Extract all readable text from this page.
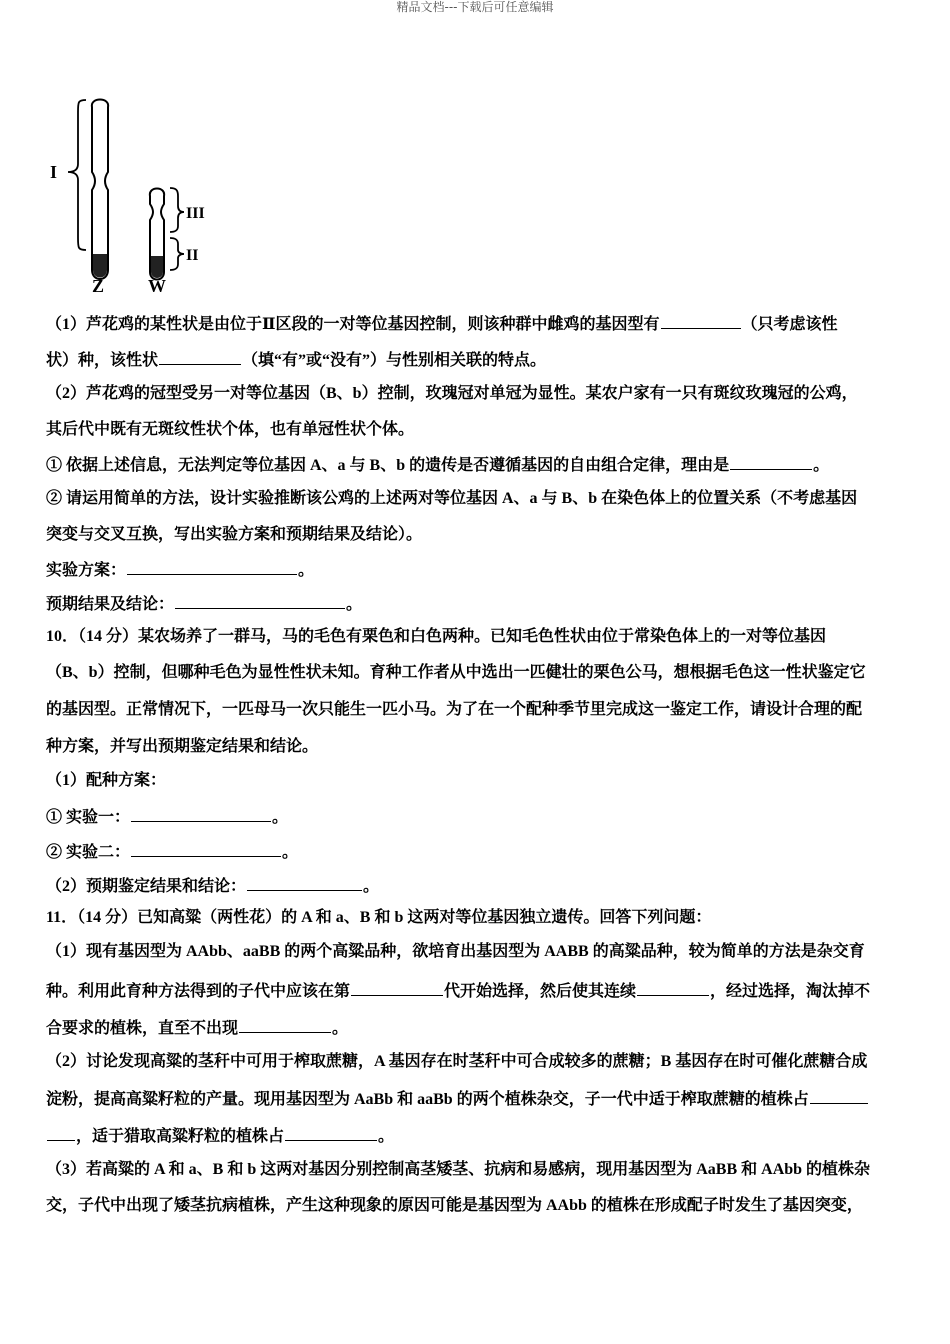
精品文档---下载后可任意编辑
I
III
II
Z W
（1）芦花鸡的某性状是由位于Ⅱ区段的一对等位基因控制，则该种群中雌鸡的基因型有	（只考虑该性
状）种，该性状	（填“有”或“没有”）与性别相关联的特点。
（2）芦花鸡的冠型受另一对等位基因（B、b）控制，玫瑰冠对单冠为显性。某农户家有一只有斑纹玫瑰冠的公鸡，
其后代中既有无斑纹性状个体，也有单冠性状个体。
① 依据上述信息，无法判定等位基因 A、a 与 B、b 的遗传是否遵循基因的自由组合定律，理由是	。
② 请运用简单的方法，设计实验推断该公鸡的上述两对等位基因 A、a 与 B、b 在染色体上的位置关系（不考虑基因
突变与交叉互换，写出实验方案和预期结果及结论）。
实验方案：	。
预期结果及结论：	。
10．（14 分）某农场养了一群马，马的毛色有栗色和白色两种。已知毛色性状由位于常染色体上的一对等位基因
（B、b）控制，但哪种毛色为显性性状未知。育种工作者从中选出一匹健壮的栗色公马，想根据毛色这一性状鉴定它
的基因型。正常情况下，一匹母马一次只能生一匹小马。为了在一个配种季节里完成这一鉴定工作，请设计合理的配
种方案，并写出预期鉴定结果和结论。
（1）配种方案：
① 实验一：	。
② 实验二：	。
（2）预期鉴定结果和结论：	。
11．（14 分）已知高粱（两性花）的 A 和 a、B 和 b 这两对等位基因独立遗传。回答下列问题：
（1）现有基因型为 AAbb、aaBB 的两个高粱品种，欲培育出基因型为 AABB 的高粱品种，较为简单的方法是杂交育
种。利用此育种方法得到的子代中应该在第	代开始选择，然后使其连续	，经过选择，淘汰掉不
合要求的植株，直至不出现	。
（2）讨论发现高粱的茎秆中可用于榨取蔗糖，A 基因存在时茎秆中可合成较多的蔗糖；B 基因存在时可催化蔗糖合成
淀粉，提高高粱籽粒的产量。现用基因型为 AaBb 和 aaBb 的两个植株杂交，子一代中适于榨取蔗糖的植株占
，适于猎取高粱籽粒的植株占	。
（3）若高粱的 A 和 a、B 和 b 这两对基因分别控制高茎矮茎、抗病和易感病，现用基因型为 AaBB 和 AAbb 的植株杂
交，子代中出现了矮茎抗病植株，产生这种现象的原因可能是基因型为 AAbb 的植株在形成配子时发生了基因突变，
